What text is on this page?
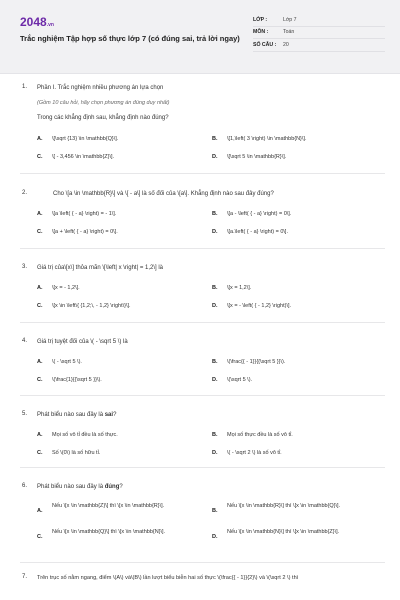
2048.vn
Trắc nghiệm Tập hợp số thực lớp 7 (có đúng sai, trả lời ngay)
LỚP :	Lớp 7
MÔN :	Toán
SỐ CÂU :	20
1. Phần I. Trắc nghiệm nhiều phương án lựa chọn
(Gồm 10 câu hỏi, hãy chọn phương án đúng duy nhất)
Trong các khẳng định sau, khẳng định nào đúng?
A. \[\sqrt {13} \in \mathbb{Q}\].	B. \[1,\left( 3 \right) \in \mathbb{N}\].
C. \[ - 3,456 \in \mathbb{Z}\].	D. \[\sqrt 5 \in \mathbb{R}\].
2.	Cho \[a \in \mathbb{R}\] và \[ - a\] là số đối của \[a\]. Khẳng định nào sau đây đúng?
A. \[a \left( { - a} \right) = - 1\].	B. \[a - \left( { - a} \right) = 0\].
C. \[a + \left( { - a} \right) = 0\].	D. \[a.\left( { - a} \right) = 0\].
3. Giá trị của\[x\] thỏa mãn \[\left| x \right| = 1,2\] là
A. \[x = - 1,2\].	B. \[x = 1,2\].
C. \[x \in \left\{ {1,2;\, - 1,2} \right\}\].	D. \[x = - \left( { - 1,2} \right)\].
4. Giá trị tuyệt đối của \( - \sqrt 5 \) là
A. \( - \sqrt 5 \).	B. \(\frac{{ - 1}}{{\sqrt 5 }}\).
C. \(\frac{1}{{\sqrt 5 }}\).	D. \(\sqrt 5 \).
5. Phát biểu nào sau đây là sai?
A. Mọi số vô tỉ đều là số thực.	B. Mọi số thực đều là số vô tỉ.
C. Số \(0\) là số hữu tỉ.	D. \( - \sqrt 2 \) là số vô tỉ.
6. Phát biểu nào sau đây là đúng?
A.
Nếu \[x \in \mathbb{Z}\] thì \[x \in \mathbb{R}\].
B.
Nếu \[x \in \mathbb{R}\] thì \[x \in \mathbb{Q}\].
C.
Nếu \[x \in \mathbb{Q}\] thì \[x \in \mathbb{N}\].
D.
Nếu \[x \in \mathbb{N}\] thì \[x \in \mathbb{Z}\].
7. Trên trục số nằm ngang, điểm \(A\) và\(B\) lần lượt biểu biễn hai số thực \(\frac{{ - 1}}{2}\) và \(\sqrt 2 \) thì
